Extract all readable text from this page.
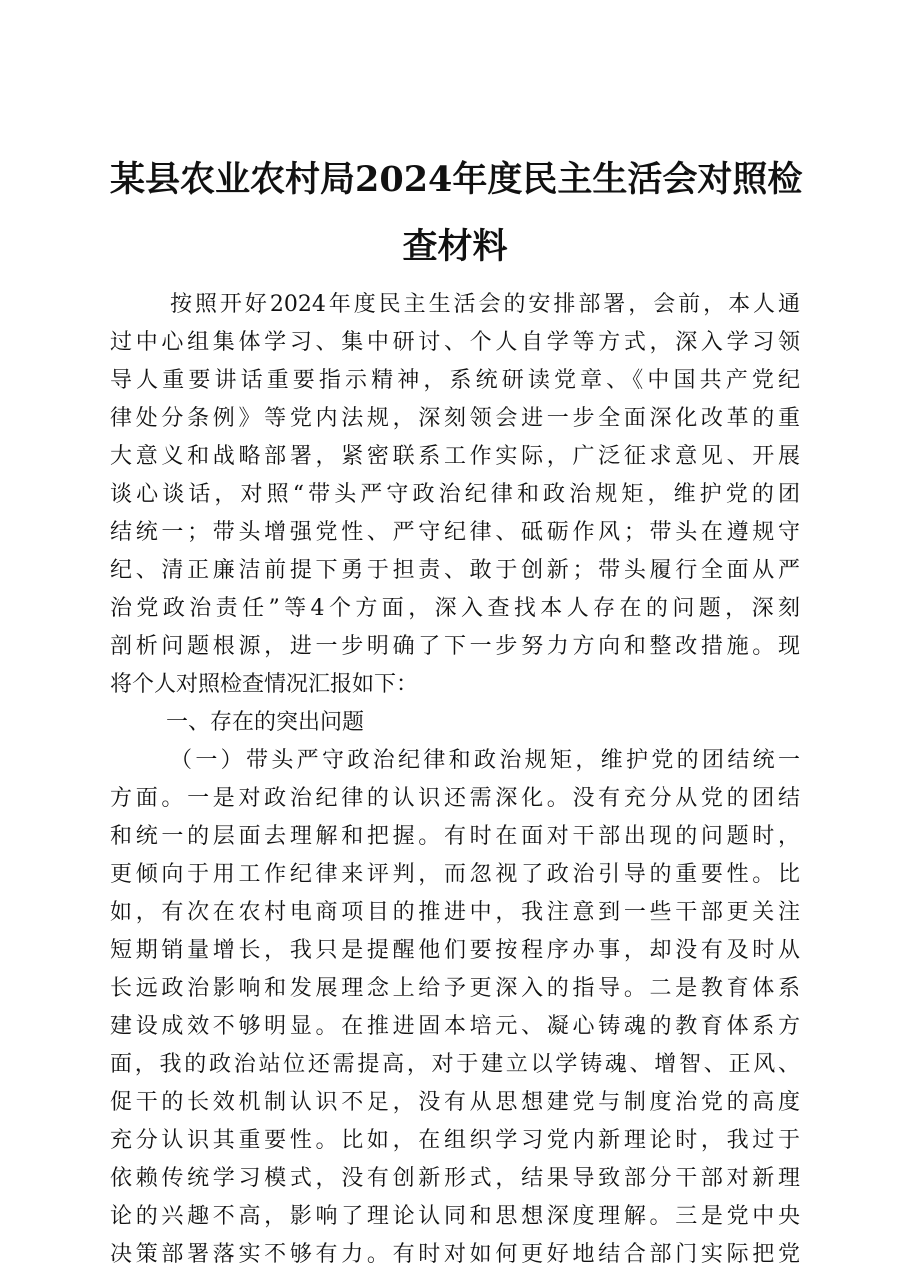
某县农业农村局2024年度民主生活会对照检
查材料
按照开好2024年度民主生活会的安排部署，会前，本人通
过中心组集体学习、集中研讨、个人自学等方式，深入学习领
导人重要讲话重要指示精神，系统研读党章、《中国共产党纪
律处分条例》等党内法规，深刻领会进一步全面深化改革的重
大意义和战略部署，紧密联系工作实际，广泛征求意见、开展
谈心谈话，对照“带头严守政治纪律和政治规矩，维护党的团
结统一；带头增强党性、严守纪律、砥砺作风；带头在遵规守
纪、清正廉洁前提下勇于担责、敢于创新；带头履行全面从严
治党政治责任”等4个方面，深入查找本人存在的问题，深刻
剖析问题根源，进一步明确了下一步努力方向和整改措施。现
将个人对照检查情况汇报如下：
一、存在的突出问题
（一）带头严守政治纪律和政治规矩，维护党的团结统一
方面。一是对政治纪律的认识还需深化。没有充分从党的团结
和统一的层面去理解和把握。有时在面对干部出现的问题时，
更倾向于用工作纪律来评判，而忽视了政治引导的重要性。比
如，有次在农村电商项目的推进中，我注意到一些干部更关注
短期销量增长，我只是提醒他们要按程序办事，却没有及时从
长远政治影响和发展理念上给予更深入的指导。二是教育体系
建设成效不够明显。在推进固本培元、凝心铸魂的教育体系方
面，我的政治站位还需提高，对于建立以学铸魂、增智、正风、
促干的长效机制认识不足，没有从思想建党与制度治党的高度
充分认识其重要性。比如，在组织学习党内新理论时，我过于
依赖传统学习模式，没有创新形式，结果导致部分干部对新理
论的兴趣不高，影响了理论认同和思想深度理解。三是党中央
决策部署落实不够有力。有时对如何更好地结合部门实际把党
